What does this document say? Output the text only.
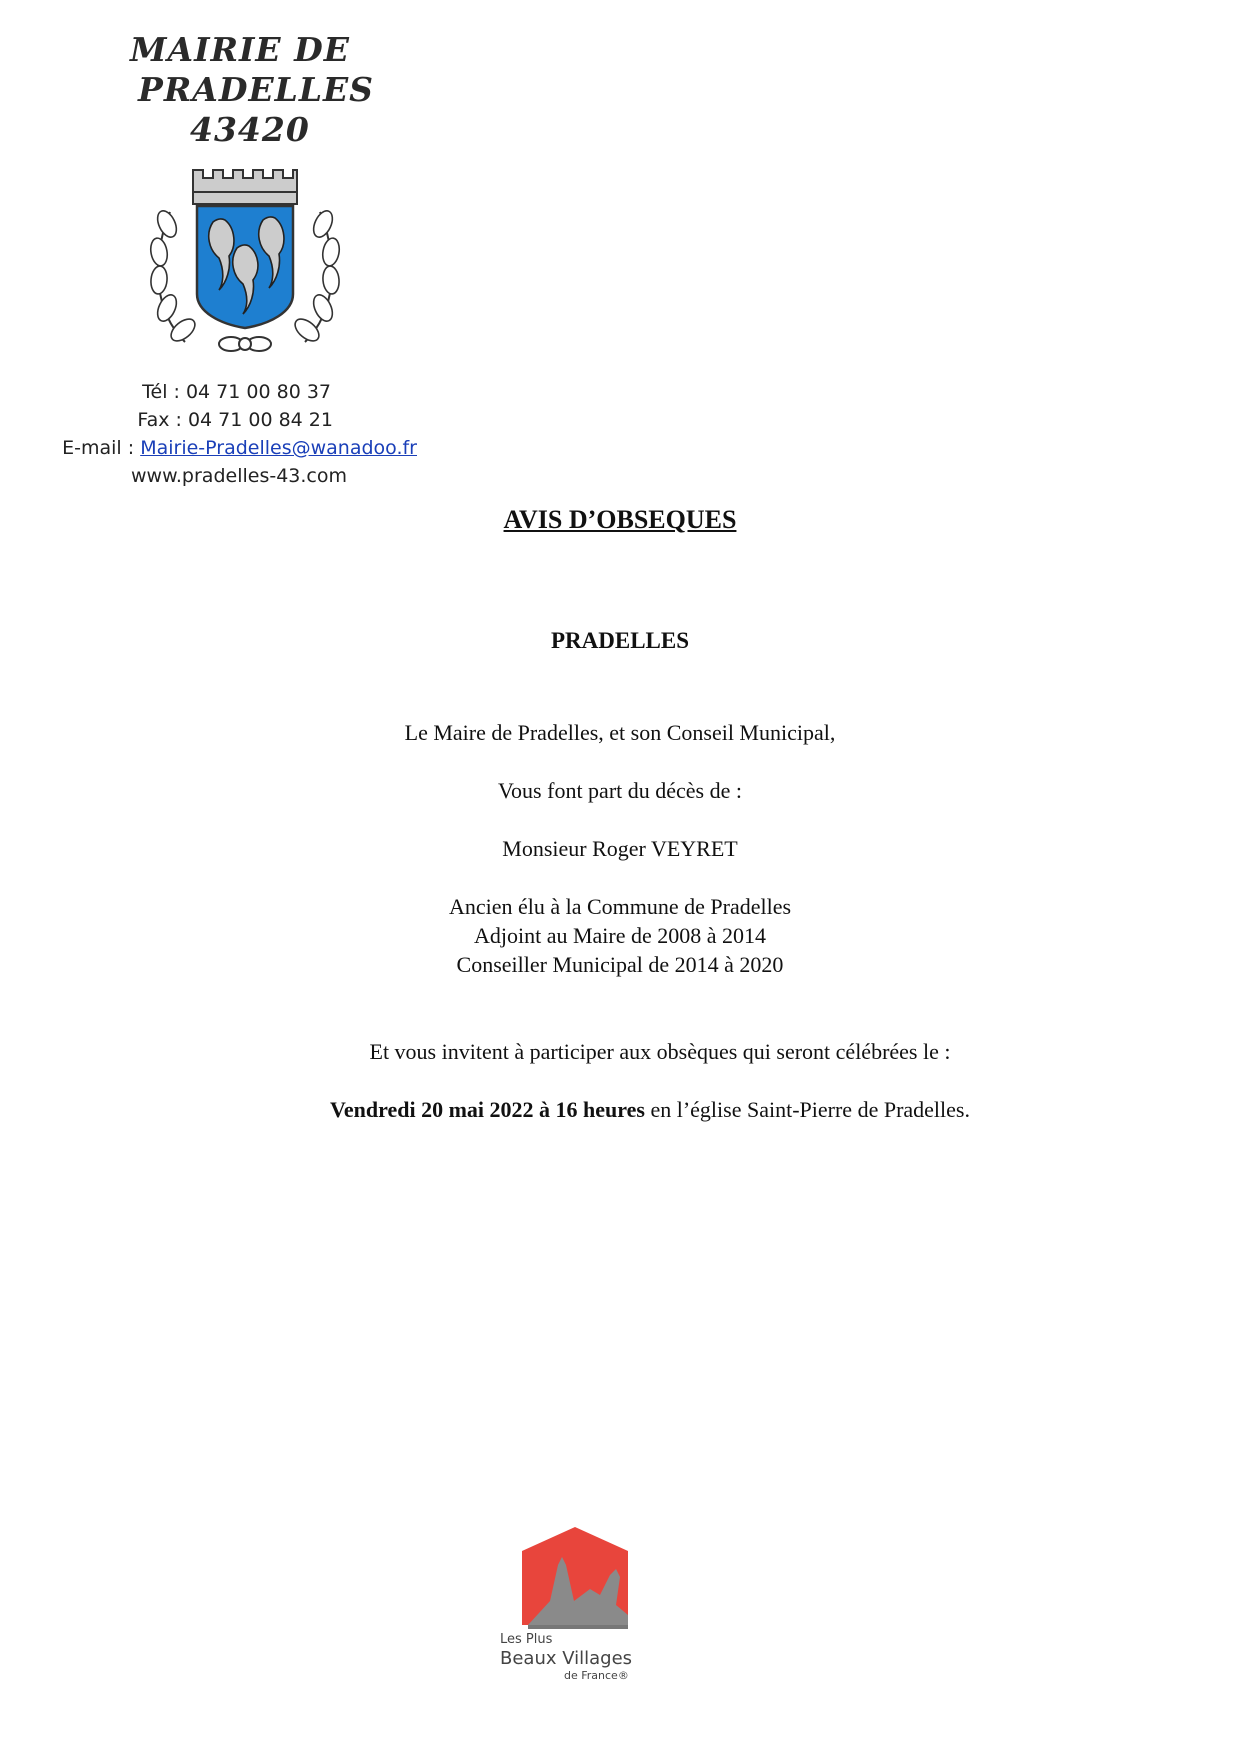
MAIRIE DE
PRADELLES
43420
Tél : 04 71 00 80 37
Fax : 04 71 00 84 21
E-mail : Mairie-Pradelles@wanadoo.fr
www.pradelles-43.com
AVIS D’OBSEQUES
PRADELLES
Le Maire de Pradelles, et son Conseil Municipal,
Vous font part du décès de :
Monsieur Roger VEYRET
Ancien élu à la Commune de Pradelles
Adjoint au Maire de 2008 à 2014
Conseiller Municipal de 2014 à 2020
Et vous invitent à participer aux obsèques qui seront célébrées le :
Vendredi 20 mai 2022 à 16 heures en l’église Saint-Pierre de Pradelles.
Les Plus
Beaux Villages
de France®
